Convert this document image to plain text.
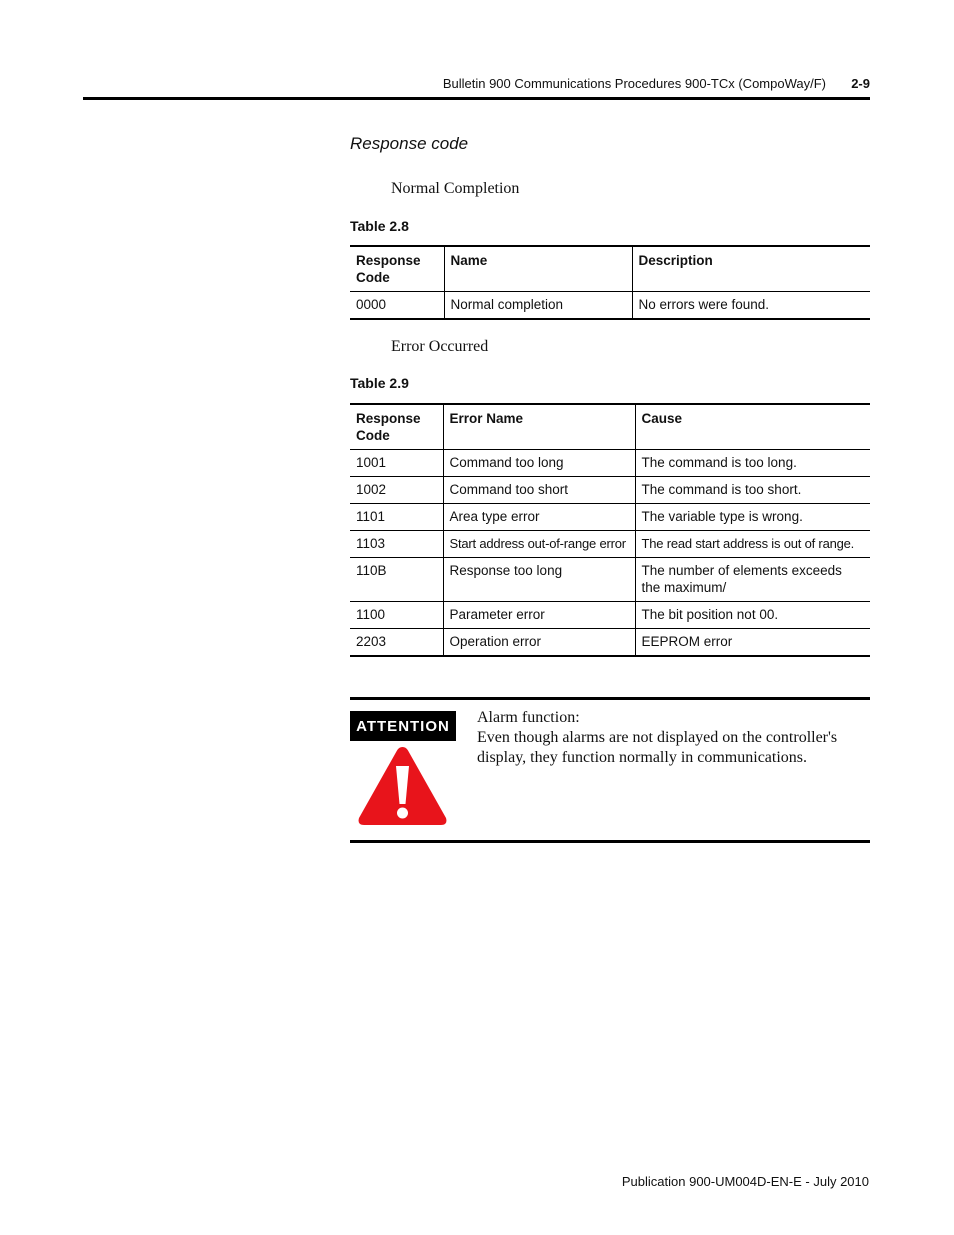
Bulletin 900 Communications Procedures 900-TCx (CompoWay/F)	2-9
Response code
Normal Completion
Table 2.8
Response
Code	Name	Description
0000	Normal completion	No errors were found.
Error Occurred
Table 2.9
Response
Code	Error Name	Cause
1001	Command too long	The command is too long.
1002	Command too short	The command is too short.
1101	Area type error	The variable type is wrong.
1103	Start address out-of-range error	The read start address is out of range.
110B	Response too long	The number of elements exceeds the maximum/
1100	Parameter error	The bit position not 00.
2203	Operation error	EEPROM error
ATTENTION	Alarm function:
Even though alarms are not displayed on the controller's display, they function normally in communications.
Publication 900-UM004D-EN-E - July 2010
